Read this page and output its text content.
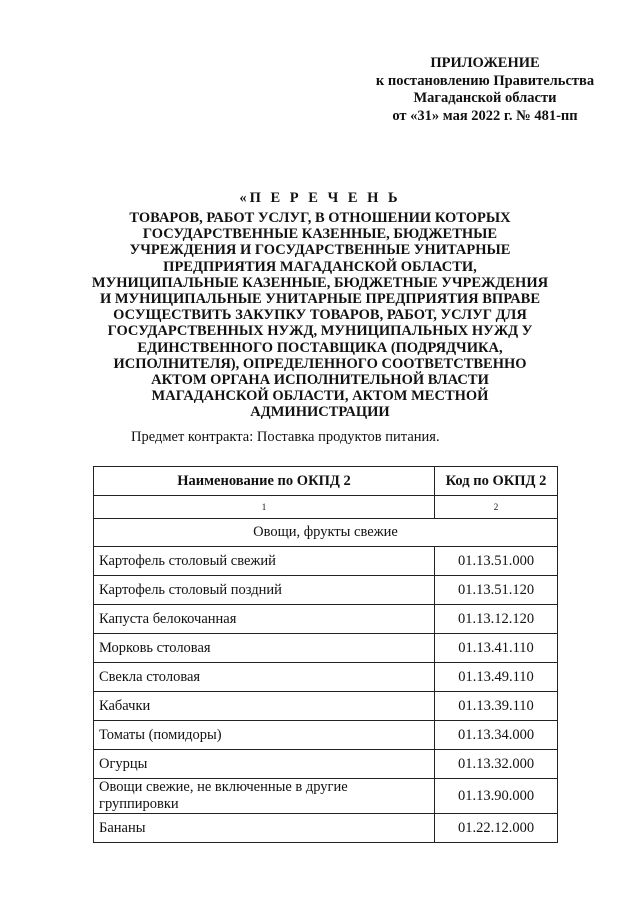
ПРИЛОЖЕНИЕ
к постановлению Правительства
Магаданской области
от «31» мая 2022 г. № 481-пп
«П Е Р Е Ч Е Н Ь
ТОВАРОВ, РАБОТ УСЛУГ, В ОТНОШЕНИИ КОТОРЫХ
ГОСУДАРСТВЕННЫЕ КАЗЕННЫЕ, БЮДЖЕТНЫЕ
УЧРЕЖДЕНИЯ И ГОСУДАРСТВЕННЫЕ УНИТАРНЫЕ
ПРЕДПРИЯТИЯ МАГАДАНСКОЙ ОБЛАСТИ,
МУНИЦИПАЛЬНЫЕ КАЗЕННЫЕ, БЮДЖЕТНЫЕ УЧРЕЖДЕНИЯ
И МУНИЦИПАЛЬНЫЕ УНИТАРНЫЕ ПРЕДПРИЯТИЯ ВПРАВЕ
ОСУЩЕСТВИТЬ ЗАКУПКУ ТОВАРОВ, РАБОТ, УСЛУГ ДЛЯ
ГОСУДАРСТВЕННЫХ НУЖД, МУНИЦИПАЛЬНЫХ НУЖД У
ЕДИНСТВЕННОГО ПОСТАВЩИКА (ПОДРЯДЧИКА,
ИСПОЛНИТЕЛЯ), ОПРЕДЕЛЕННОГО СООТВЕТСТВЕННО
АКТОМ ОРГАНА ИСПОЛНИТЕЛЬНОЙ ВЛАСТИ
МАГАДАНСКОЙ ОБЛАСТИ, АКТОМ МЕСТНОЙ
АДМИНИСТРАЦИИ
Предмет контракта: Поставка продуктов питания.
Наименование по ОКПД 2	Код по ОКПД 2
1	2
Овощи, фрукты свежие	
Картофель столовый свежий	01.13.51.000
Картофель столовый поздний	01.13.51.120
Капуста белокочанная	01.13.12.120
Морковь столовая	01.13.41.110
Свекла столовая	01.13.49.110
Кабачки	01.13.39.110
Томаты (помидоры)	01.13.34.000
Огурцы	01.13.32.000
Овощи свежие, не включенные в другие группировки	01.13.90.000
Бананы	01.22.12.000
